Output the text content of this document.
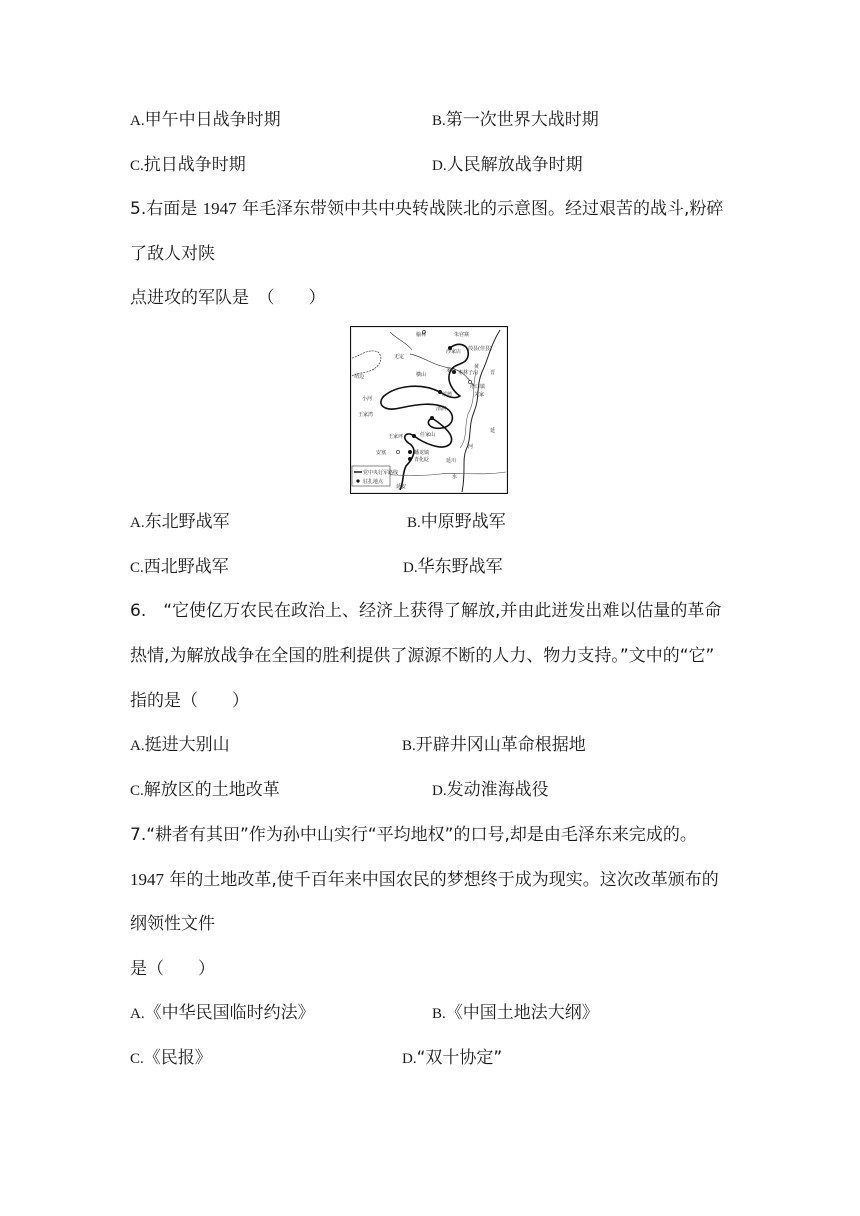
A.甲午中日战争时期	B.第一次世界大战时期
C.抗日战争时期	D.人民解放战争时期
5.右面是 1947 年毛泽东带领中共中央转战陕北的示意图。经过艰苦的战斗,粉碎
了敌人对陕
点进攻的军队是　（　　）
榆林	朱官寨
沙家店 葭县(佳县)
米脂 枣林子沟
塔口镇
关家
绥德
清涧
靖边
小河
王家湾
横山
王家坪	任家山
安塞	蟠龙镇
青化砭	延川
延安
黄
河
晋
无定
水
延
党中央行军路线
驻扎地点
A.东北野战军	B.中原野战军
C.西北野战军	D.华东野战军
6.　“它使亿万农民在政治上、经济上获得了解放,并由此迸发出难以估量的革命
热情,为解放战争在全国的胜利提供了源源不断的人力、物力支持。”文中的“它”
指的是（　　）
A.挺进大别山	B.开辟井冈山革命根据地
C.解放区的土地改革	D.发动淮海战役
7.“耕者有其田”作为孙中山实行“平均地权”的口号,却是由毛泽东来完成的。
1947 年的土地改革,使千百年来中国农民的梦想终于成为现实。这次改革颁布的
纲领性文件
是（　　）
A.《中华民国临时约法》	B.《中国土地法大纲》
C.《民报》	D.“双十协定”
